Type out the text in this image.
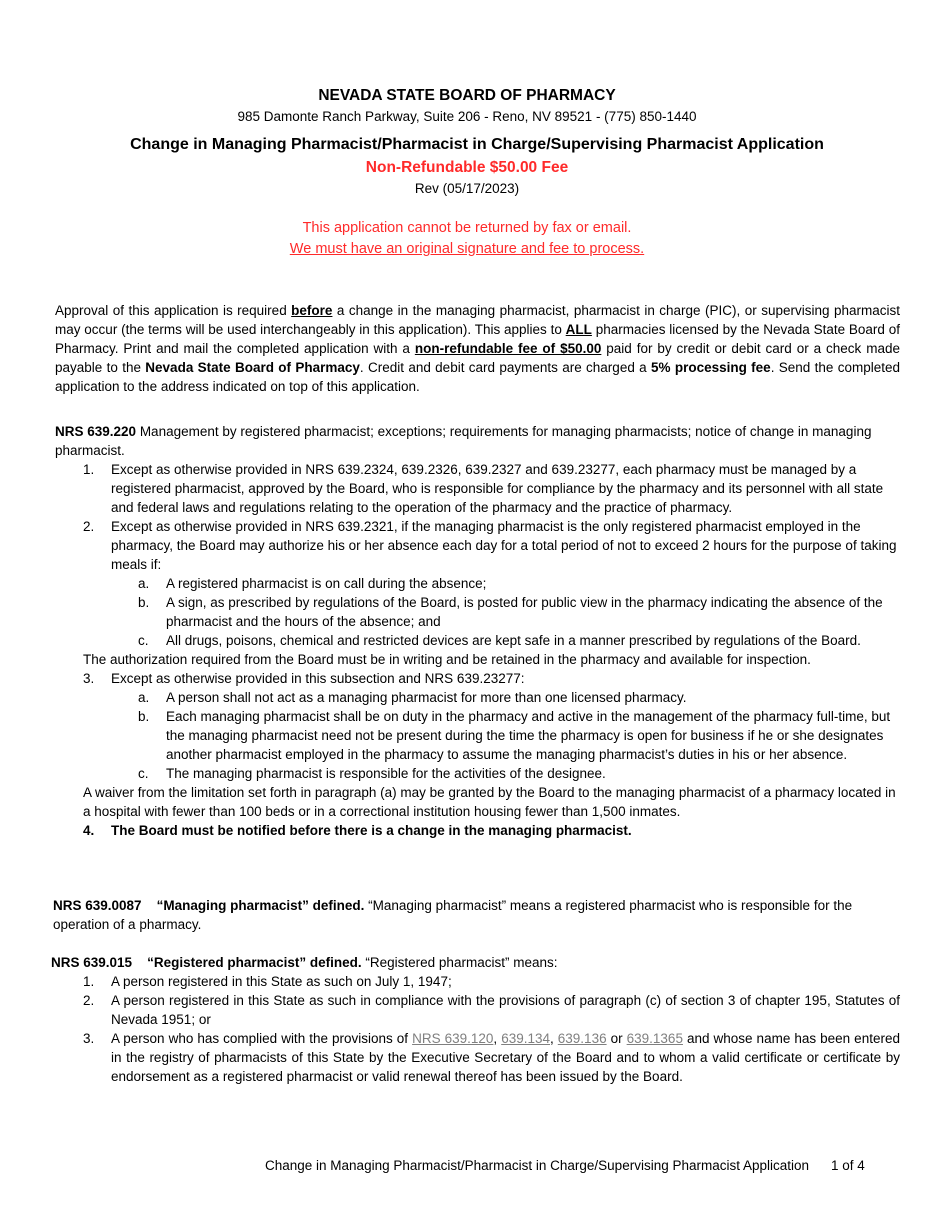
NEVADA STATE BOARD OF PHARMACY
985 Damonte Ranch Parkway, Suite 206 - Reno, NV 89521 - (775) 850-1440
Change in Managing Pharmacist/Pharmacist in Charge/Supervising Pharmacist Application
Non-Refundable $50.00 Fee
Rev (05/17/2023)
This application cannot be returned by fax or email.
We must have an original signature and fee to process.
Approval of this application is required before a change in the managing pharmacist, pharmacist in charge (PIC), or supervising pharmacist may occur (the terms will be used interchangeably in this application). This applies to ALL pharmacies licensed by the Nevada State Board of Pharmacy. Print and mail the completed application with a non-refundable fee of $50.00 paid for by credit or debit card or a check made payable to the Nevada State Board of Pharmacy. Credit and debit card payments are charged a 5% processing fee. Send the completed application to the address indicated on top of this application.
NRS 639.220 Management by registered pharmacist; exceptions; requirements for managing pharmacists; notice of change in managing pharmacist.
1. Except as otherwise provided in NRS 639.2324, 639.2326, 639.2327 and 639.23277, each pharmacy must be managed by a registered pharmacist, approved by the Board, who is responsible for compliance by the pharmacy and its personnel with all state and federal laws and regulations relating to the operation of the pharmacy and the practice of pharmacy.
2. Except as otherwise provided in NRS 639.2321, if the managing pharmacist is the only registered pharmacist employed in the pharmacy, the Board may authorize his or her absence each day for a total period of not to exceed 2 hours for the purpose of taking meals if:
a. A registered pharmacist is on call during the absence;
b. A sign, as prescribed by regulations of the Board, is posted for public view in the pharmacy indicating the absence of the pharmacist and the hours of the absence; and
c. All drugs, poisons, chemical and restricted devices are kept safe in a manner prescribed by regulations of the Board.
The authorization required from the Board must be in writing and be retained in the pharmacy and available for inspection.
3. Except as otherwise provided in this subsection and NRS 639.23277:
a. A person shall not act as a managing pharmacist for more than one licensed pharmacy.
b. Each managing pharmacist shall be on duty in the pharmacy and active in the management of the pharmacy full-time, but the managing pharmacist need not be present during the time the pharmacy is open for business if he or she designates another pharmacist employed in the pharmacy to assume the managing pharmacist’s duties in his or her absence.
c. The managing pharmacist is responsible for the activities of the designee.
A waiver from the limitation set forth in paragraph (a) may be granted by the Board to the managing pharmacist of a pharmacy located in a hospital with fewer than 100 beds or in a correctional institution housing fewer than 1,500 inmates.
4. The Board must be notified before there is a change in the managing pharmacist.
NRS 639.0087 “Managing pharmacist” defined. “Managing pharmacist” means a registered pharmacist who is responsible for the operation of a pharmacy.
NRS 639.015 “Registered pharmacist” defined. “Registered pharmacist” means:
1. A person registered in this State as such on July 1, 1947;
2. A person registered in this State as such in compliance with the provisions of paragraph (c) of section 3 of chapter 195, Statutes of Nevada 1951; or
3. A person who has complied with the provisions of NRS 639.120, 639.134, 639.136 or 639.1365 and whose name has been entered in the registry of pharmacists of this State by the Executive Secretary of the Board and to whom a valid certificate or certificate by endorsement as a registered pharmacist or valid renewal thereof has been issued by the Board.
Change in Managing Pharmacist/Pharmacist in Charge/Supervising Pharmacist Application 1 of 4
